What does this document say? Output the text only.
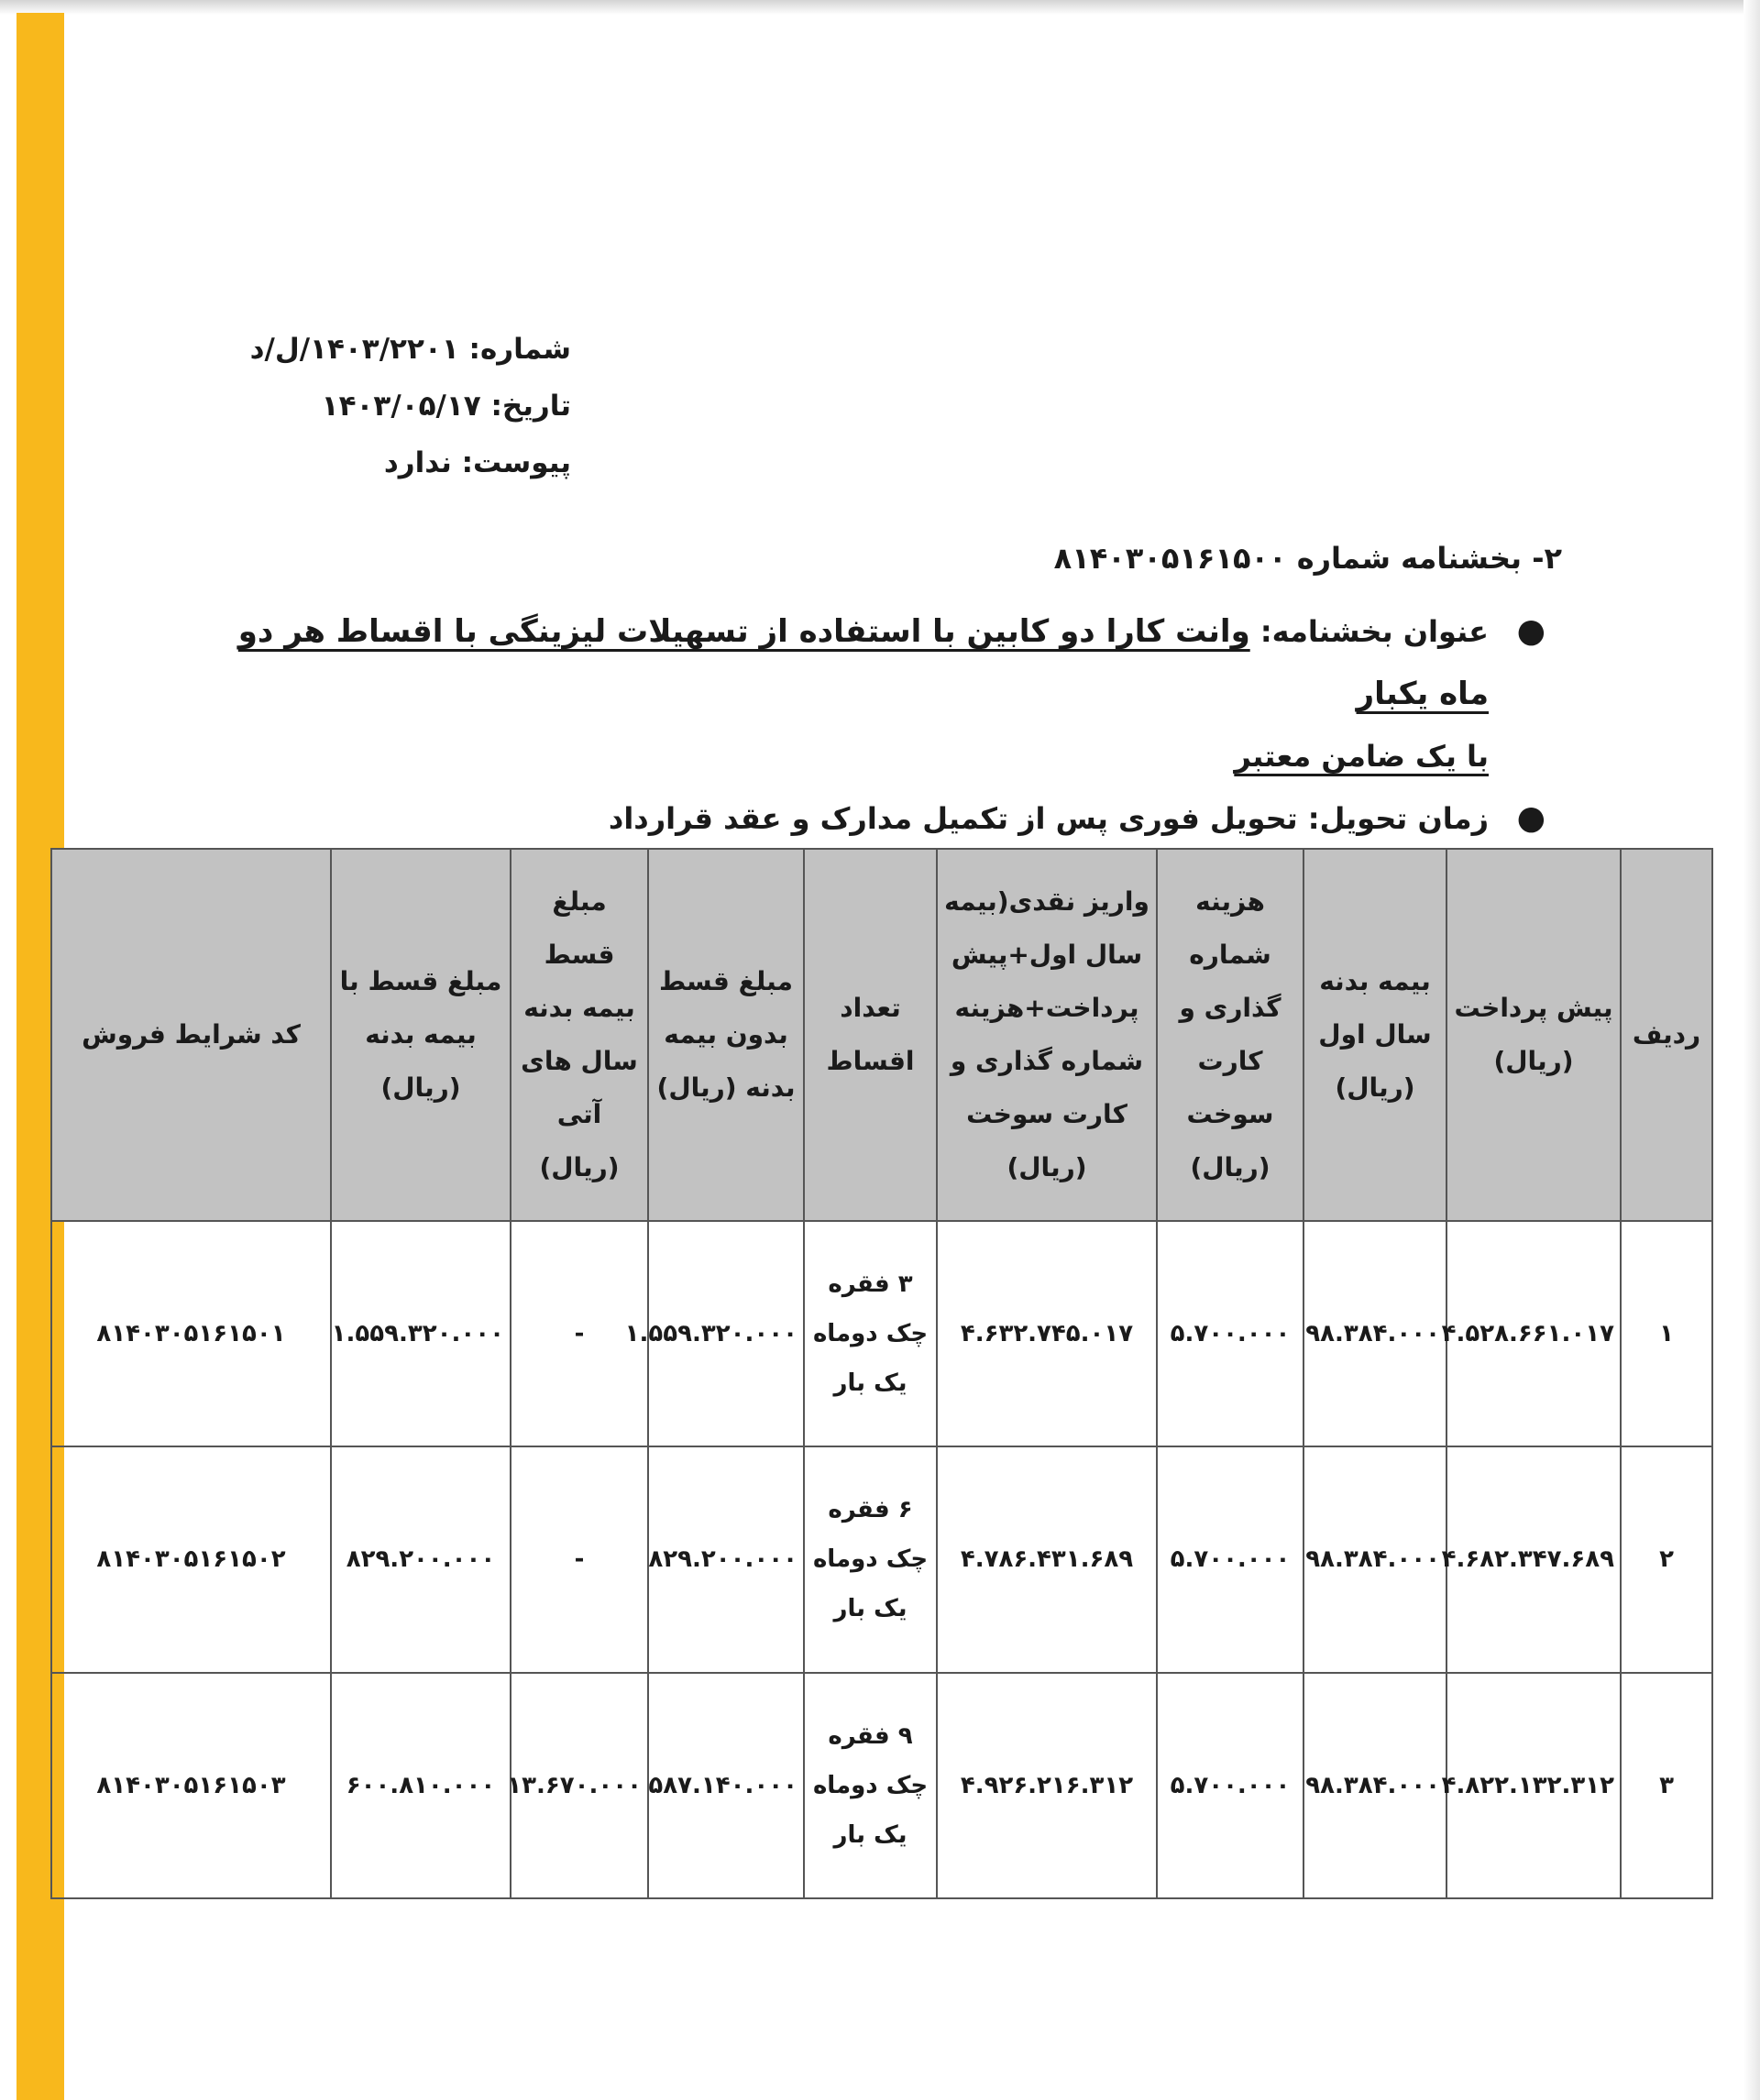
شماره: ۱۴۰۳/۲۲۰۱/ل/د
تاریخ: ۱۴۰۳/۰۵/۱۷
پیوست: ندارد
۲- بخشنامه شماره ۸۱۴۰۳۰۵۱۶۱۵۰۰
●
عنوان بخشنامه: وانت کارا دو کابین با استفاده از تسهیلات لیزینگی با اقساط هر دو ماه یکبار
با یک ضامن معتبر
●
زمان تحویل: تحویل فوری پس از تکمیل مدارک و عقد قرارداد
ردیف	پیش پرداخت (ریال)	بیمه بدنه سال اول (ریال)	هزینه شماره گذاری و کارت سوخت (ریال)	واریز نقدی(بیمه سال اول+پیش پرداخت+هزینه شماره گذاری و کارت سوخت (ریال)	تعداد اقساط	مبلغ قسط بدون بیمه بدنه (ریال)	مبلغ قسط بیمه بدنه سال های آتی (ریال)	مبلغ قسط با بیمه بدنه (ریال)	کد شرایط فروش
۱	۴.۵۲۸.۶۶۱.۰۱۷	۹۸.۳۸۴.۰۰۰	۵.۷۰۰.۰۰۰	۴.۶۳۲.۷۴۵.۰۱۷	۳ فقره چک دوماه یک بار	۱.۵۵۹.۳۲۰.۰۰۰	-	۱.۵۵۹.۳۲۰.۰۰۰	۸۱۴۰۳۰۵۱۶۱۵۰۱
۲	۴.۶۸۲.۳۴۷.۶۸۹	۹۸.۳۸۴.۰۰۰	۵.۷۰۰.۰۰۰	۴.۷۸۶.۴۳۱.۶۸۹	۶ فقره چک دوماه یک بار	۸۲۹.۲۰۰.۰۰۰	-	۸۲۹.۲۰۰.۰۰۰	۸۱۴۰۳۰۵۱۶۱۵۰۲
۳	۴.۸۲۲.۱۳۲.۳۱۲	۹۸.۳۸۴.۰۰۰	۵.۷۰۰.۰۰۰	۴.۹۲۶.۲۱۶.۳۱۲	۹ فقره چک دوماه یک بار	۵۸۷.۱۴۰.۰۰۰	۱۳.۶۷۰.۰۰۰	۶۰۰.۸۱۰.۰۰۰	۸۱۴۰۳۰۵۱۶۱۵۰۳
